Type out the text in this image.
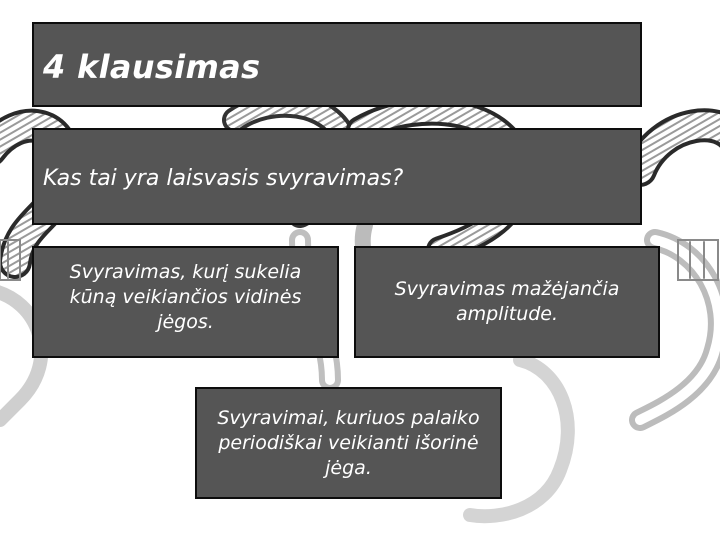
4 klausimas
Kas tai yra laisvasis svyravimas?
Svyravimas, kurį sukelia kūną veikiančios vidinės jėgos.
Svyravimas mažėjančia amplitude.
Svyravimai, kuriuos palaiko periodiškai veikianti išorinė jėga.
